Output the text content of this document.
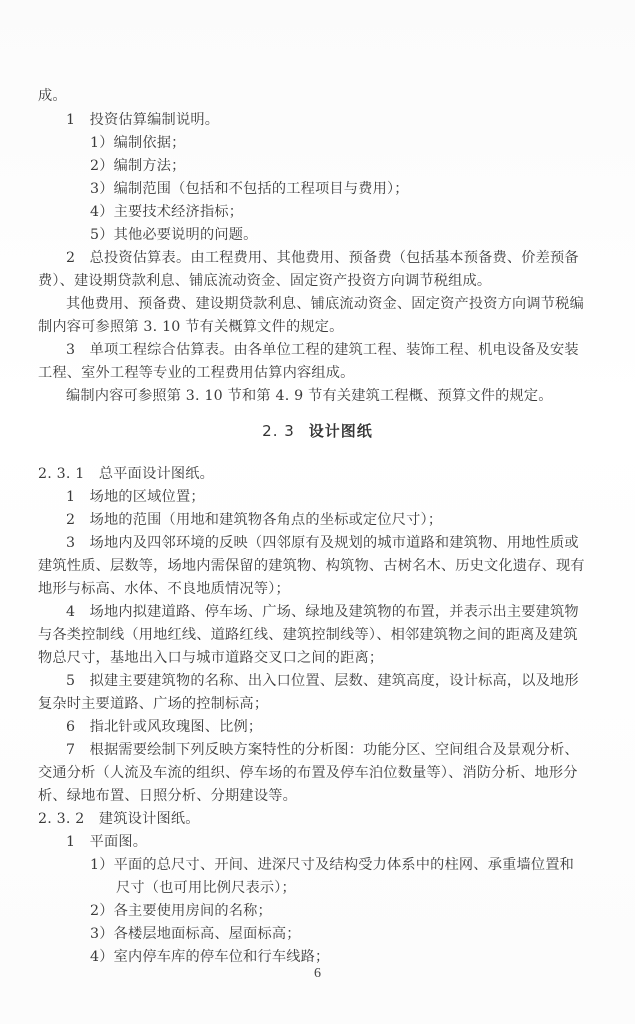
成。
1　投资估算编制说明。
1）编制依据；
2）编制方法；
3）编制范围（包括和不包括的工程项目与费用）；
4）主要技术经济指标；
5）其他必要说明的问题。
2　总投资估算表。由工程费用、其他费用、预备费（包括基本预备费、价差预备
费）、建设期贷款利息、铺底流动资金、固定资产投资方向调节税组成。
其他费用、预备费、建设期贷款利息、铺底流动资金、固定资产投资方向调节税编
制内容可参照第 3. 10 节有关概算文件的规定。
3　单项工程综合估算表。由各单位工程的建筑工程、装饰工程、机电设备及安装
工程、室外工程等专业的工程费用估算内容组成。
编制内容可参照第 3. 10 节和第 4. 9 节有关建筑工程概、预算文件的规定。
2. 3 设计图纸
2. 3. 1　总平面设计图纸。
1　场地的区域位置；
2　场地的范围（用地和建筑物各角点的坐标或定位尺寸）；
3　场地内及四邻环境的反映（四邻原有及规划的城市道路和建筑物、用地性质或
建筑性质、层数等，场地内需保留的建筑物、构筑物、古树名木、历史文化遗存、现有
地形与标高、水体、不良地质情况等）；
4　场地内拟建道路、停车场、广场、绿地及建筑物的布置，并表示出主要建筑物
与各类控制线（用地红线、道路红线、建筑控制线等）、相邻建筑物之间的距离及建筑
物总尺寸，基地出入口与城市道路交叉口之间的距离；
5　拟建主要建筑物的名称、出入口位置、层数、建筑高度，设计标高，以及地形
复杂时主要道路、广场的控制标高；
6　指北针或风玫瑰图、比例；
7　根据需要绘制下列反映方案特性的分析图：功能分区、空间组合及景观分析、
交通分析（人流及车流的组织、停车场的布置及停车泊位数量等）、消防分析、地形分
析、绿地布置、日照分析、分期建设等。
2. 3. 2　建筑设计图纸。
1　平面图。
1）平面的总尺寸、开间、进深尺寸及结构受力体系中的柱网、承重墙位置和
尺寸（也可用比例尺表示）；
2）各主要使用房间的名称；
3）各楼层地面标高、屋面标高；
4）室内停车库的停车位和行车线路；
6
